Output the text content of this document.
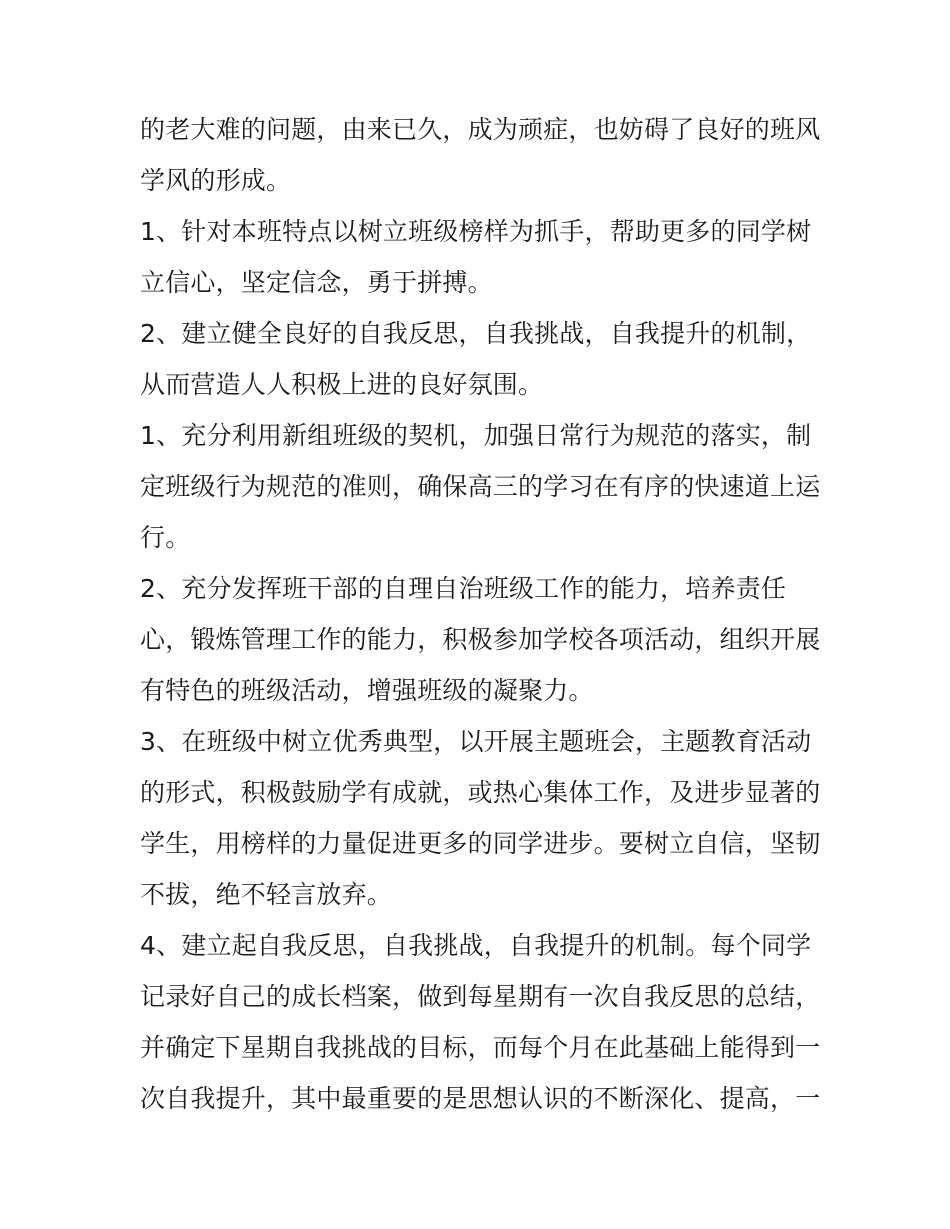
的老大难的问题，由来已久，成为顽症，也妨碍了良好的班风
学风的形成。

1、针对本班特点以树立班级榜样为抓手，帮助更多的同学树
立信心，坚定信念，勇于拼搏。

2、建立健全良好的自我反思，自我挑战，自我提升的机制，
从而营造人人积极上进的良好氛围。

1、充分利用新组班级的契机，加强日常行为规范的落实，制
定班级行为规范的准则，确保高三的学习在有序的快速道上运
行。

2、充分发挥班干部的自理自治班级工作的能力，培养责任
心，锻炼管理工作的能力，积极参加学校各项活动，组织开展
有特色的班级活动，增强班级的凝聚力。

3、在班级中树立优秀典型，以开展主题班会，主题教育活动
的形式，积极鼓励学有成就，或热心集体工作，及进步显著的
学生，用榜样的力量促进更多的同学进步。要树立自信，坚韧
不拔，绝不轻言放弃。

4、建立起自我反思，自我挑战，自我提升的机制。每个同学
记录好自己的成长档案，做到每星期有一次自我反思的总结，
并确定下星期自我挑战的目标，而每个月在此基础上能得到一
次自我提升，其中最重要的是思想认识的不断深化、提高，一
